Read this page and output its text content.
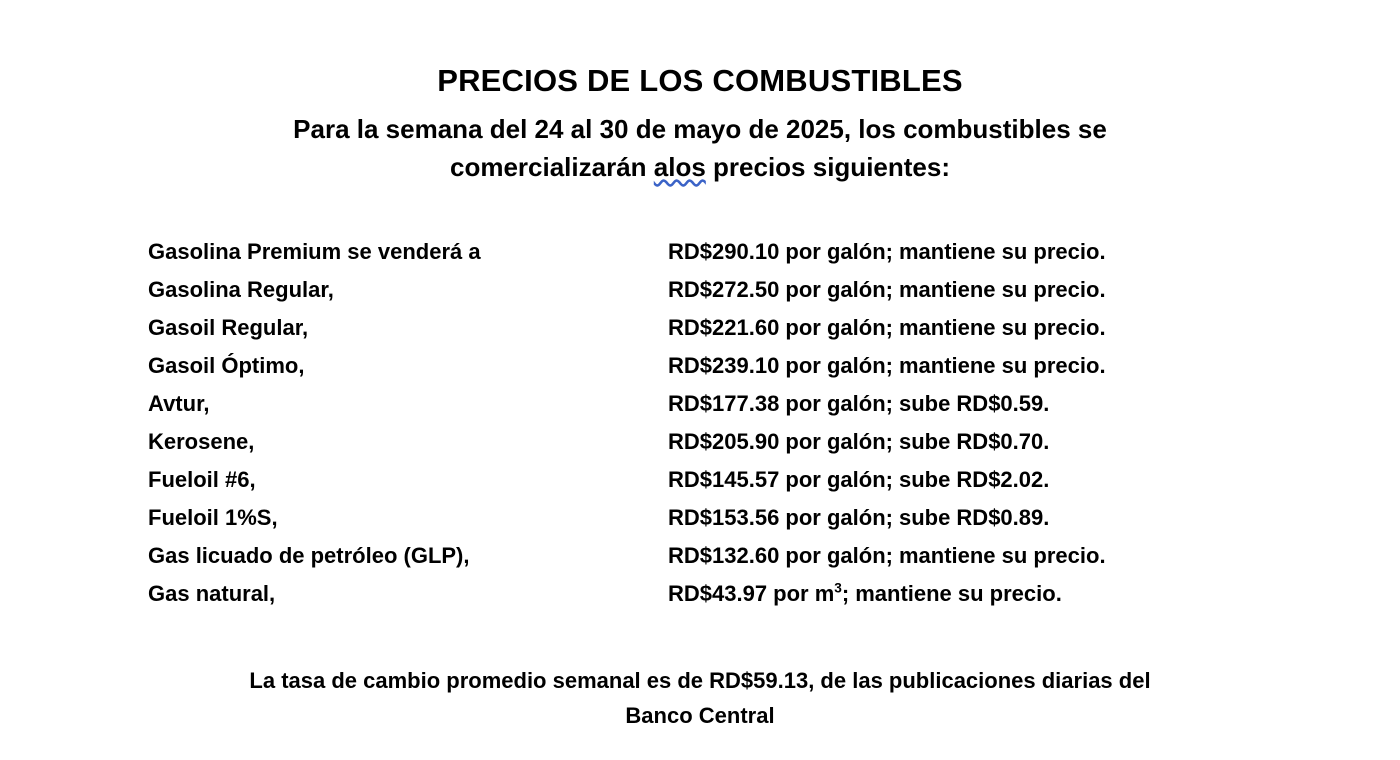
PRECIOS DE LOS COMBUSTIBLES
Para la semana del 24 al 30 de mayo de 2025, los combustibles se
comercializarán alos precios siguientes:
Gasolina Premium se venderá a	RD$290.10 por galón; mantiene su precio.
Gasolina Regular,	RD$272.50 por galón; mantiene su precio.
Gasoil Regular,	RD$221.60 por galón; mantiene su precio.
Gasoil Óptimo,	RD$239.10 por galón; mantiene su precio.
Avtur,	RD$177.38 por galón; sube RD$0.59.
Kerosene,	RD$205.90 por galón; sube RD$0.70.
Fueloil #6,	RD$145.57 por galón; sube RD$2.02.
Fueloil 1%S,	RD$153.56 por galón; sube RD$0.89.
Gas licuado de petróleo (GLP),	RD$132.60 por galón; mantiene su precio.
Gas natural,	RD$43.97 por $m^3$; mantiene su precio.
La tasa de cambio promedio semanal es de RD$59.13, de las publicaciones diarias del
Banco Central
